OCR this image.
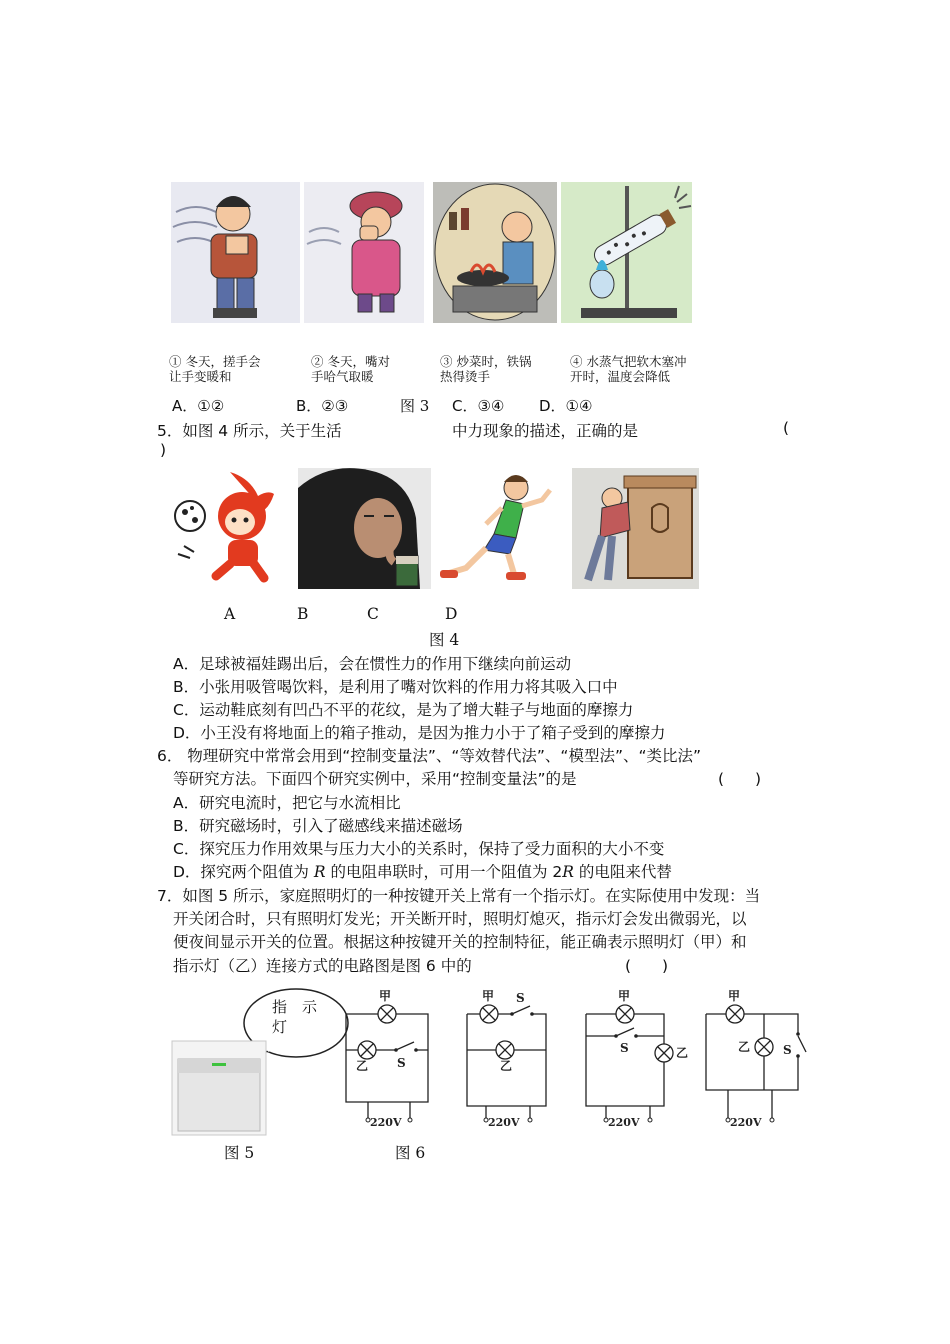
① 冬天，搓手会
让手变暖和
② 冬天，嘴对
手哈气取暖
③ 炒菜时，铁锅
热得烫手
④ 水蒸气把软木塞冲
开时，温度会降低
A．①②	B．②③	图 3 C．③④ D．①④
5．如图 4 所示，关于生活	中力现象的描述，正确的是	(
)
A	B	C	D
图 4
A．足球被福娃踢出后，会在惯性力的作用下继续向前运动
B．小张用吸管喝饮料，是利用了嘴对饮料的作用力将其吸入口中
C．运动鞋底刻有凹凸不平的花纹，是为了增大鞋子与地面的摩擦力
D．小王没有将地面上的箱子推动，是因为推力小于了箱子受到的摩擦力
6． 物理研究中常常会用到“控制变量法”、“等效替代法”、“模型法”、“类比法”
等研究方法。下面四个研究实例中，采用“控制变量法”的是	(　　)
A．研究电流时，把它与水流相比
B．研究磁场时，引入了磁感线来描述磁场
C．探究压力作用效果与压力大小的关系时，保持了受力面积的大小不变
D．探究两个阻值为 R 的电阻串联时，可用一个阻值为 2R 的电阻来代替
7．如图 5 所示，家庭照明灯的一种按键开关上常有一个指示灯。在实际使用中发现：当
开关闭合时，只有照明灯发光；开关断开时，照明灯熄灭，指示灯会发出微弱光，以
便夜间显示开关的位置。根据这种按键开关的控制特征，能正确表示照明灯（甲）和
指示灯（乙）连接方式的电路图是图 6 中的	(　　)
指　示
灯
甲
乙 S
220V
甲 S
乙
220V
甲
S	乙
220V
甲
乙	S
220V
图 5	图 6
